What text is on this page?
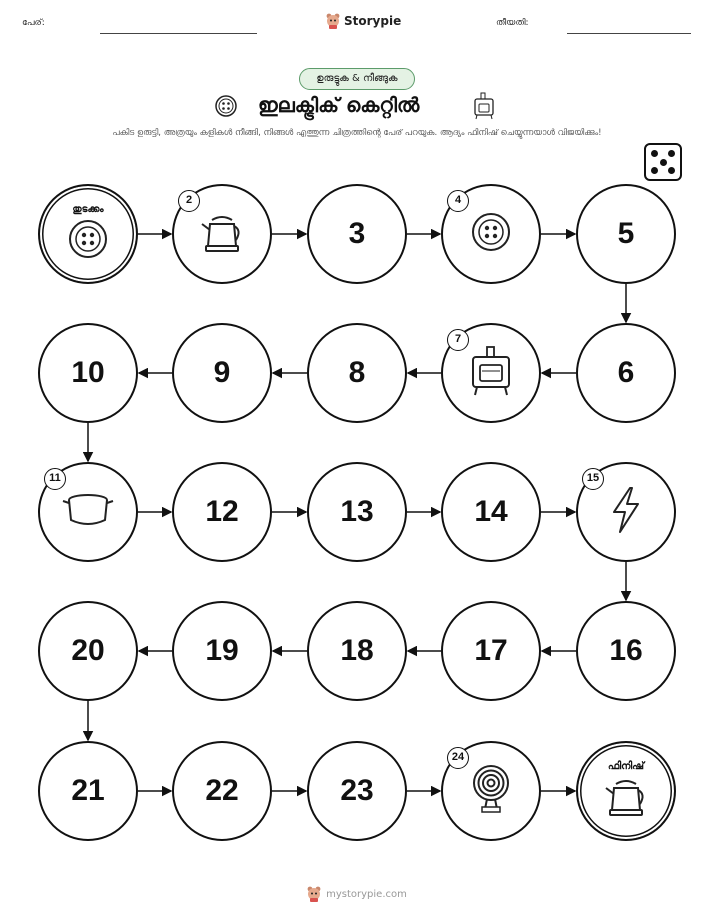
പേര്:	Storypie	തീയതി:
ഉരുട്ടുക & നീങ്ങുക
ഇലക്ട്രിക് കെറ്റിൽ
പകിട ഉരുട്ടി, അത്രയും കളികൾ നീങ്ങി, നിങ്ങൾ എത്തുന്ന ചിത്രത്തിന്റെ പേര് പറയുക. ആദ്യം ഫിനിഷ് ചെയ്യുന്നയാൾ വിജയിക്കും!
തുടക്കം
2
3
4
5
6
7
8
9
10
11
12	13	14
15
16
17
18
19
20
21	22	23
24
ഫിനിഷ്
mystorypie.com
